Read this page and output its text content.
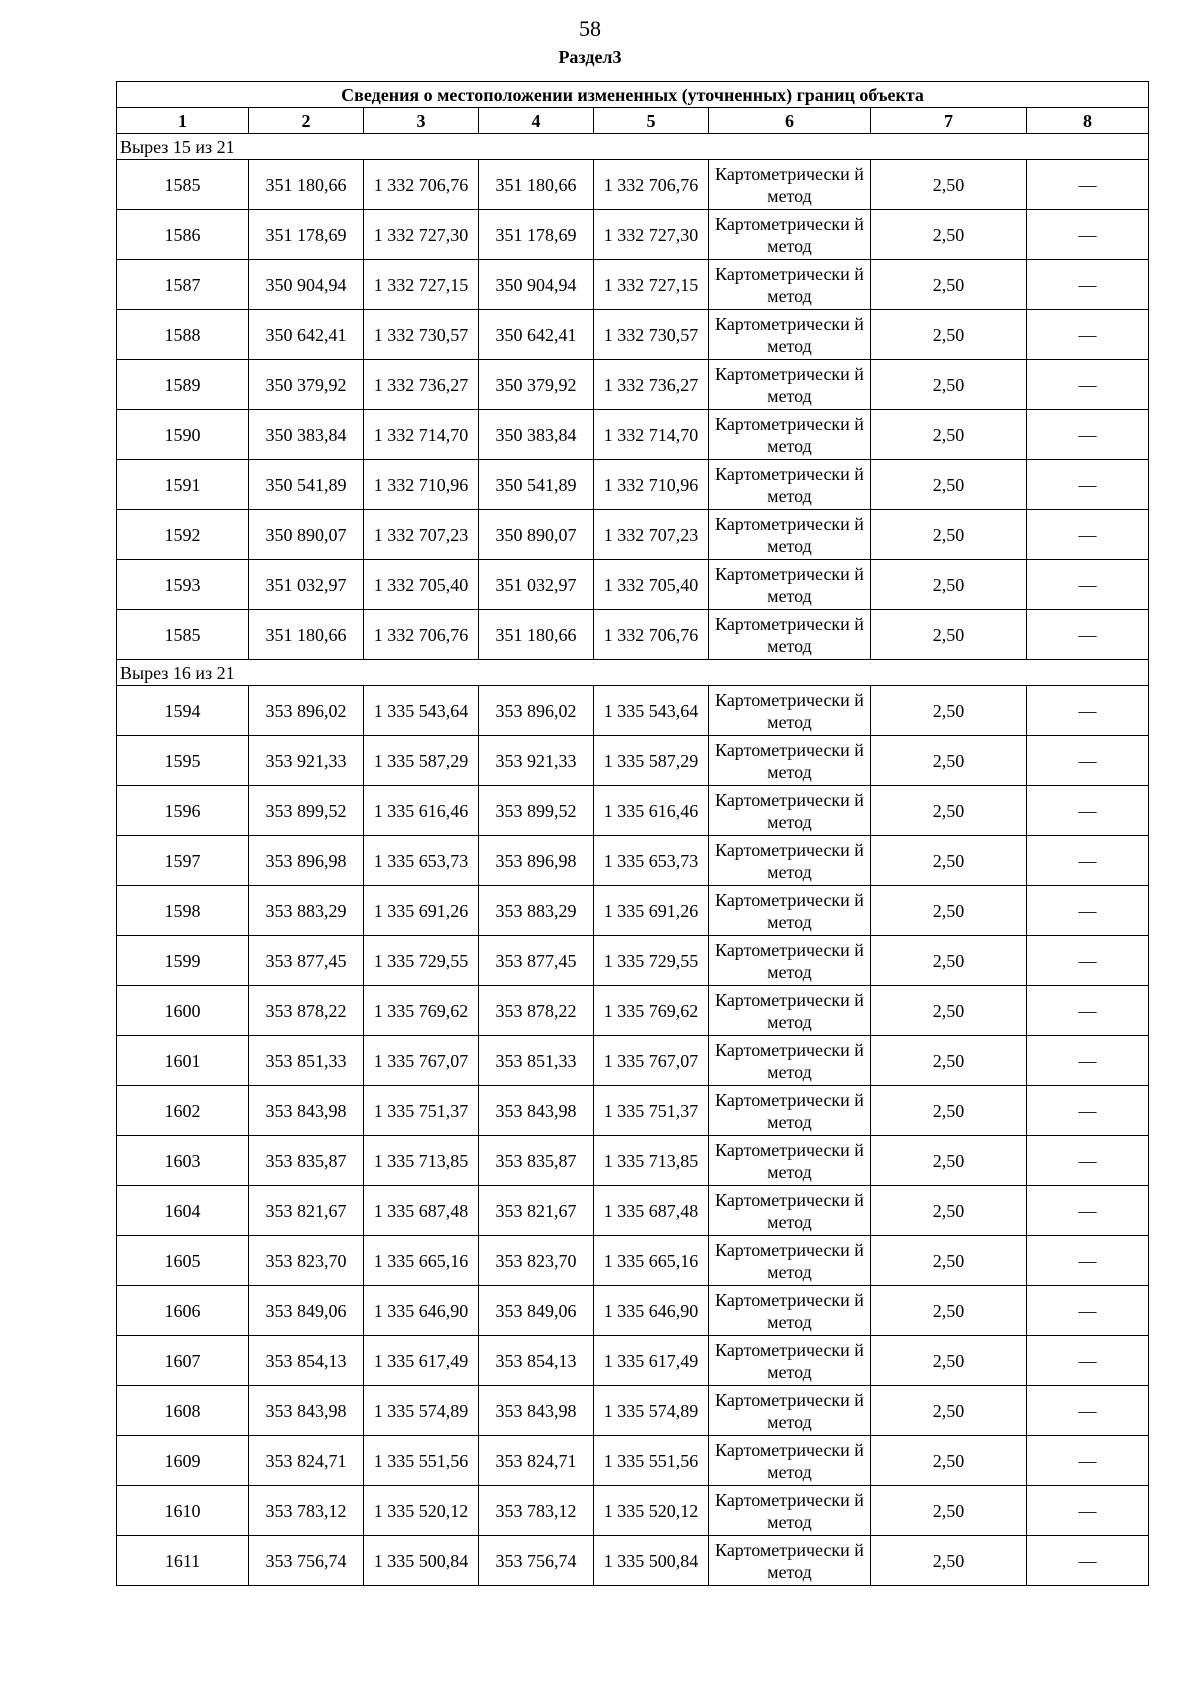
58
Раздел3
Сведения о местоположении измененных (уточненных) границ объекта							
1	2	3	4	5	6	7	8
Вырез 15 из 21							
1585	351 180,66	1 332 706,76	351 180,66	1 332 706,76	Картометрически й метод	2,50	—
1586	351 178,69	1 332 727,30	351 178,69	1 332 727,30	Картометрически й метод	2,50	—
1587	350 904,94	1 332 727,15	350 904,94	1 332 727,15	Картометрически й метод	2,50	—
1588	350 642,41	1 332 730,57	350 642,41	1 332 730,57	Картометрически й метод	2,50	—
1589	350 379,92	1 332 736,27	350 379,92	1 332 736,27	Картометрически й метод	2,50	—
1590	350 383,84	1 332 714,70	350 383,84	1 332 714,70	Картометрически й метод	2,50	—
1591	350 541,89	1 332 710,96	350 541,89	1 332 710,96	Картометрически й метод	2,50	—
1592	350 890,07	1 332 707,23	350 890,07	1 332 707,23	Картометрически й метод	2,50	—
1593	351 032,97	1 332 705,40	351 032,97	1 332 705,40	Картометрически й метод	2,50	—
1585	351 180,66	1 332 706,76	351 180,66	1 332 706,76	Картометрически й метод	2,50	—
Вырез 16 из 21							
1594	353 896,02	1 335 543,64	353 896,02	1 335 543,64	Картометрически й метод	2,50	—
1595	353 921,33	1 335 587,29	353 921,33	1 335 587,29	Картометрически й метод	2,50	—
1596	353 899,52	1 335 616,46	353 899,52	1 335 616,46	Картометрически й метод	2,50	—
1597	353 896,98	1 335 653,73	353 896,98	1 335 653,73	Картометрически й метод	2,50	—
1598	353 883,29	1 335 691,26	353 883,29	1 335 691,26	Картометрически й метод	2,50	—
1599	353 877,45	1 335 729,55	353 877,45	1 335 729,55	Картометрически й метод	2,50	—
1600	353 878,22	1 335 769,62	353 878,22	1 335 769,62	Картометрически й метод	2,50	—
1601	353 851,33	1 335 767,07	353 851,33	1 335 767,07	Картометрически й метод	2,50	—
1602	353 843,98	1 335 751,37	353 843,98	1 335 751,37	Картометрически й метод	2,50	—
1603	353 835,87	1 335 713,85	353 835,87	1 335 713,85	Картометрически й метод	2,50	—
1604	353 821,67	1 335 687,48	353 821,67	1 335 687,48	Картометрически й метод	2,50	—
1605	353 823,70	1 335 665,16	353 823,70	1 335 665,16	Картометрически й метод	2,50	—
1606	353 849,06	1 335 646,90	353 849,06	1 335 646,90	Картометрически й метод	2,50	—
1607	353 854,13	1 335 617,49	353 854,13	1 335 617,49	Картометрически й метод	2,50	—
1608	353 843,98	1 335 574,89	353 843,98	1 335 574,89	Картометрически й метод	2,50	—
1609	353 824,71	1 335 551,56	353 824,71	1 335 551,56	Картометрически й метод	2,50	—
1610	353 783,12	1 335 520,12	353 783,12	1 335 520,12	Картометрически й метод	2,50	—
1611	353 756,74	1 335 500,84	353 756,74	1 335 500,84	Картометрически й метод	2,50	—
